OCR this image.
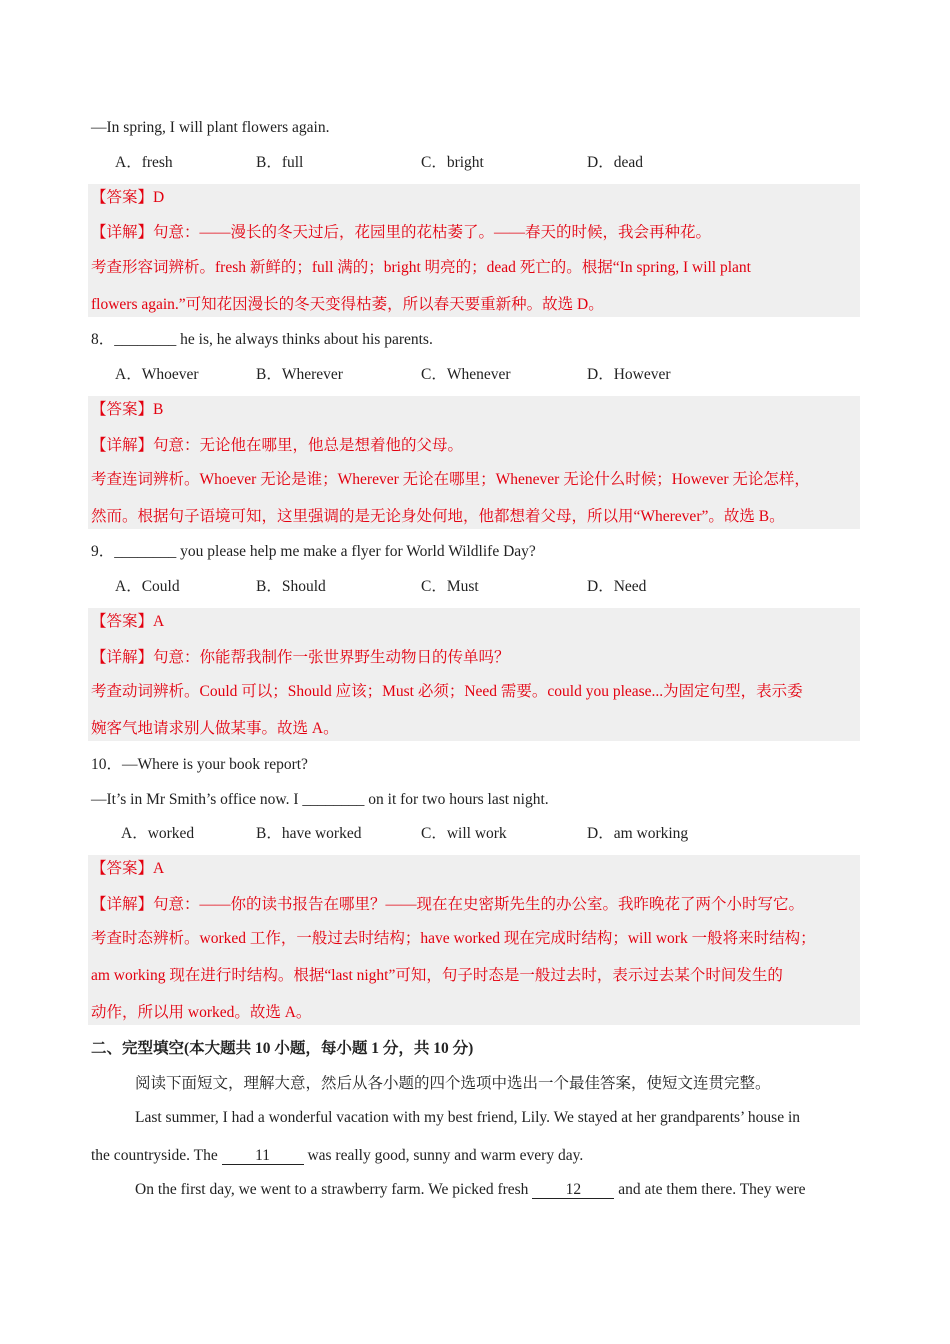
—In spring, I will plant flowers again.
A．fresh	B．full	C．bright	D．dead
【答案】D
【详解】句意：——漫长的冬天过后，花园里的花枯萎了。——春天的时候，我会再种花。
考查形容词辨析。fresh 新鲜的；full 满的；bright 明亮的；dead 死亡的。根据“In spring, I will plant
flowers again.”可知花因漫长的冬天变得枯萎，所以春天要重新种。故选 D。
8．________ he is, he always thinks about his parents.
A．Whoever	B．Wherever	C．Whenever	D．However
【答案】B
【详解】句意：无论他在哪里，他总是想着他的父母。
考查连词辨析。Whoever 无论是谁；Wherever 无论在哪里；Whenever 无论什么时候；However 无论怎样，
然而。根据句子语境可知，这里强调的是无论身处何地，他都想着父母，所以用“Wherever”。故选 B。
9．________ you please help me make a flyer for World Wildlife Day?
A．Could	B．Should	C．Must	D．Need
【答案】A
【详解】句意：你能帮我制作一张世界野生动物日的传单吗？
考查动词辨析。Could 可以；Should 应该；Must 必须；Need 需要。could you please...为固定句型，表示委
婉客气地请求别人做某事。故选 A。
10．—Where is your book report?
—It’s in Mr Smith’s office now. I ________ on it for two hours last night.
A．worked	B．have worked	C．will work	D．am working
【答案】A
【详解】句意：——你的读书报告在哪里？——现在在史密斯先生的办公室。我昨晚花了两个小时写它。
考查时态辨析。worked 工作，一般过去时结构；have worked 现在完成时结构；will work 一般将来时结构；
am working 现在进行时结构。根据“last night”可知，句子时态是一般过去时，表示过去某个时间发生的
动作，所以用 worked。故选 A。
二、完型填空(本大题共 10 小题，每小题 1 分，共 10 分)
阅读下面短文，理解大意，然后从各小题的四个选项中选出一个最佳答案，使短文连贯完整。
Last summer, I had a wonderful vacation with my best friend, Lily. We stayed at her grandparents’ house in
the countryside. The 11 was really good, sunny and warm every day.
On the first day, we went to a strawberry farm. We picked fresh 12 and ate them there. They were
